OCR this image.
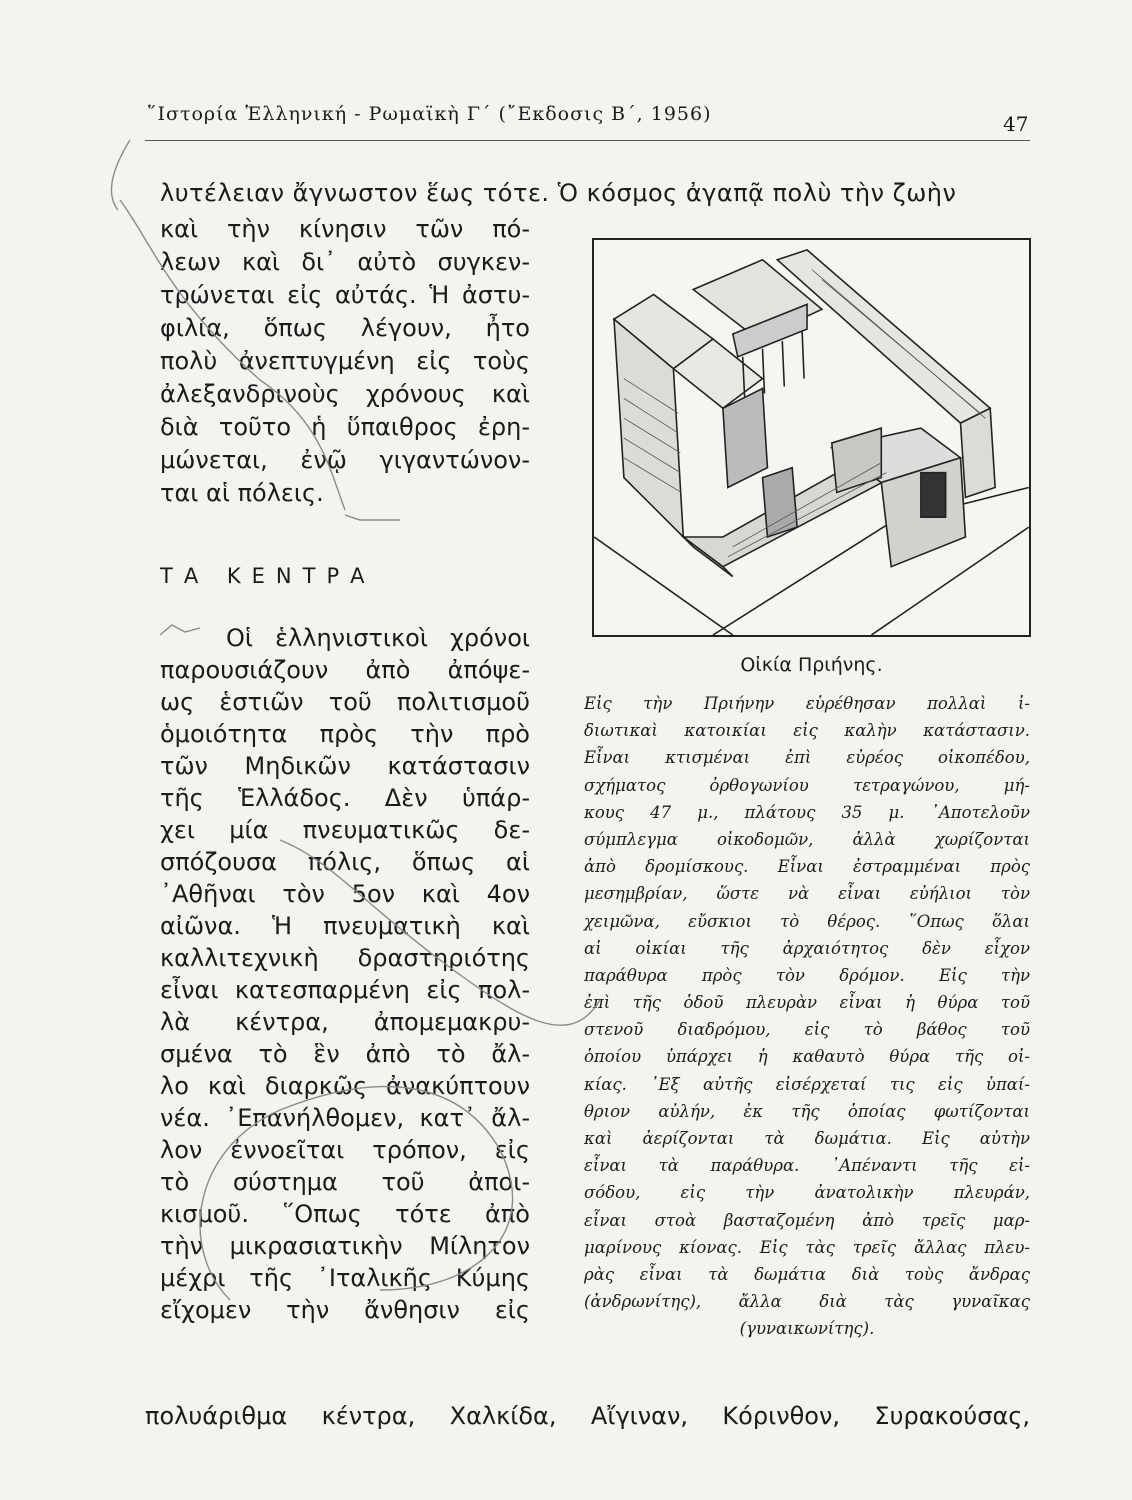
῞Ιστορία Ἑλληνική - Ρωμαϊκὴ Γ΄ (῎Εκδοσις Β΄, 1956)	47
λυτέλειαν ἄγνωστον ἕως τότε. Ὁ κόσμος ἀγαπᾷ πολὺ τὴν ζωὴν
καὶ τὴν κίνησιν τῶν πό-
λεων καὶ δι᾿ αὐτὸ συγκεν-
τρώνεται εἰς αὐτάς. Ἡ ἀστυ-
φιλία, ὅπως λέγουν, ἦτο
πολὺ ἀνεπτυγμένη εἰς τοὺς
ἀλεξανδρινοὺς χρόνους καὶ
διὰ τοῦτο ἡ ὕπαιθρος ἐρη-
μώνεται, ἐνῷ γιγαντώνον-
ται αἱ πόλεις.
ΤΑ ΚΕΝΤΡΑ
Οἱ ἑλληνιστικοὶ χρόνοι
παρουσιάζουν ἀπὸ ἀπόψε-
ως ἑστιῶν τοῦ πολιτισμοῦ
ὁμοιότητα πρὸς τὴν πρὸ
τῶν Μηδικῶν κατάστασιν
τῆς Ἑλλάδος. Δὲν ὑπάρ-
χει μία πνευματικῶς δε-
σπόζουσα πόλις, ὅπως αἱ
᾿Αθῆναι τὸν 5ον καὶ 4ον
αἰῶνα. Ἡ πνευματικὴ καὶ
καλλιτεχνικὴ δραστηριότης
εἶναι κατεσπαρμένη εἰς πολ-
λὰ κέντρα, ἀπομεμακρυ-
σμένα τὸ ἓν ἀπὸ τὸ ἄλ-
λο καὶ διαρκῶς ἀνακύπτουν
νέα. ᾿Επανήλθομεν, κατ᾿ ἄλ-
λον ἐννοεῖται τρόπον, εἰς
τὸ σύστημα τοῦ ἀποι-
κισμοῦ. ῞Οπως τότε ἀπὸ
τὴν μικρασιατικὴν Μίλητον
μέχρι τῆς ᾿Ιταλικῆς Κύμης
εἴχομεν τὴν ἄνθησιν εἰς
Οἰκία Πριήνης.
Εἰς τὴν Πριήνην εὑρέθησαν πολλαὶ ἰ-
διωτικαὶ κατοικίαι εἰς καλὴν κατάστασιν.
Εἶναι κτισμέναι ἐπὶ εὐρέος οἰκοπέδου,
σχήματος ὀρθογωνίου τετραγώνου, μή-
κους 47 μ., πλάτους 35 μ. ᾿Αποτελοῦν
σύμπλεγμα οἰκοδομῶν, ἀλλὰ χωρίζονται
ἀπὸ δρομίσκους. Εἶναι ἐστραμμέναι πρὸς
μεσημβρίαν, ὥστε νὰ εἶναι εὐήλιοι τὸν
χειμῶνα, εὔσκιοι τὸ θέρος. ῞Οπως ὅλαι
αἱ οἰκίαι τῆς ἀρχαιότητος δὲν εἶχον
παράθυρα πρὸς τὸν δρόμον. Εἰς τὴν
ἐπὶ τῆς ὁδοῦ πλευρὰν εἶναι ἡ θύρα τοῦ
στενοῦ διαδρόμου, εἰς τὸ βάθος τοῦ
ὁποίου ὑπάρχει ἡ καθαυτὸ θύρα τῆς οἰ-
κίας. ᾿Εξ αὐτῆς εἰσέρχεταί τις εἰς ὑπαί-
θριον αὐλήν, ἐκ τῆς ὁποίας φωτίζονται
καὶ ἀερίζονται τὰ δωμάτια. Εἰς αὐτὴν
εἶναι τὰ παράθυρα. ᾿Απέναντι τῆς εἰ-
σόδου, εἰς τὴν ἀνατολικὴν πλευράν,
εἶναι στοὰ βασταζομένη ἀπὸ τρεῖς μαρ-
μαρίνους κίονας. Εἰς τὰς τρεῖς ἄλλας πλευ-
ρὰς εἶναι τὰ δωμάτια διὰ τοὺς ἄνδρας
(ἀνδρωνίτης), ἄλλα διὰ τὰς γυναῖκας
(γυναικωνίτης).
πολυάριθμα κέντρα, Χαλκίδα, Αἴγιναν, Κόρινθον, Συρακούσας,
